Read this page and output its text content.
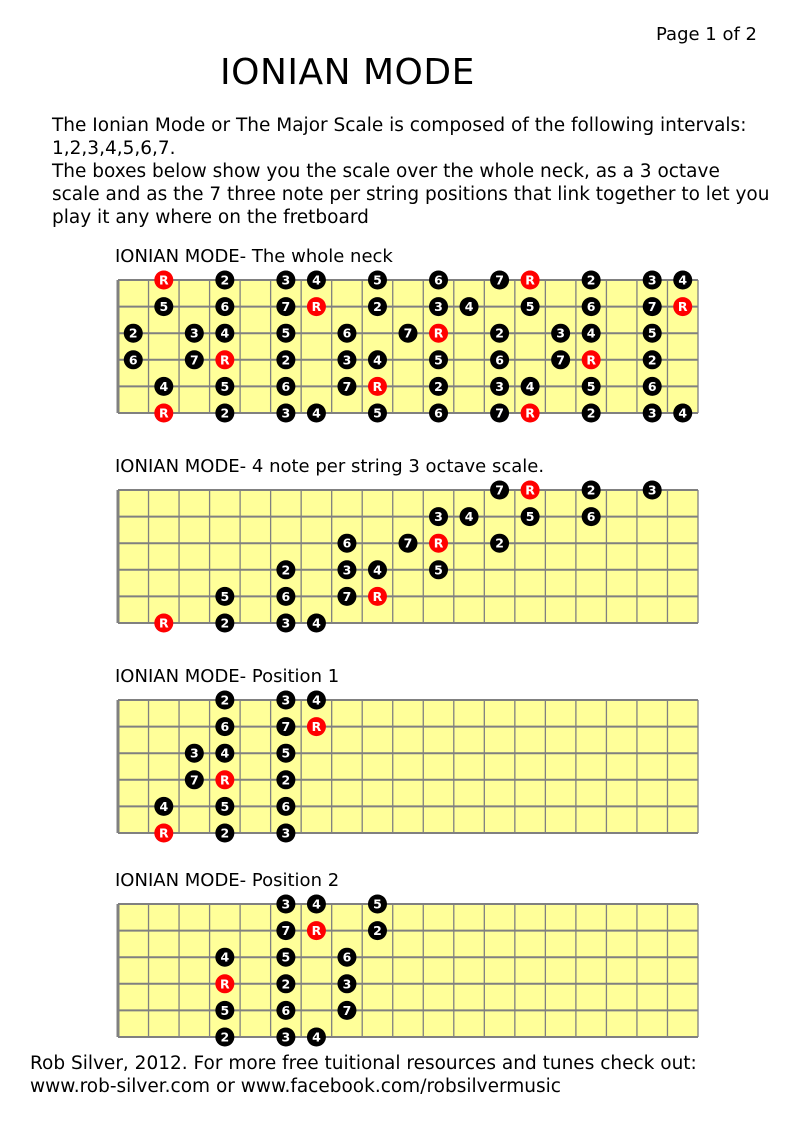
Page 1 of 2
IONIAN MODE

The Ionian Mode or The Major Scale is composed of the following intervals: 1,2,3,4,5,6,7.

The boxes below show you the scale over the whole neck, as a 3 octave scale and as the 7 three note per string positions that link together to let you play it any where on the fretboard

IONIAN MODE- The whole neck
R	2	3 4	5	6	7 R	2	3 4
5	6	7 R	2	3 4	5	6	7 R
2	3 4	5	6	7 R	2	3 4	5
6	7 R	2	3 4	5	6	7 R	2
4	5	6	7 R	2	3 4	5	6
R	2	3 4	5	6	7 R	2	3 4
IONIAN MODE- 4 note per string 3 octave scale.
7 R	2	3
3 4	5	6
6	7 R	2
2	3 4	5
5	6	7 R
R	2	3 4
IONIAN MODE- Position 1
2	3 4
6	7 R
3 4	5
7 R	2
4	5	6
R	2	3
IONIAN MODE- Position 2
3 4	5
7 R	2
4	5	6
R	2	3
5	6	7
2	3 4

Rob Silver, 2012. For more free tuitional resources and tunes check out:

www.rob-silver.com or www.facebook.com/robsilvermusic
